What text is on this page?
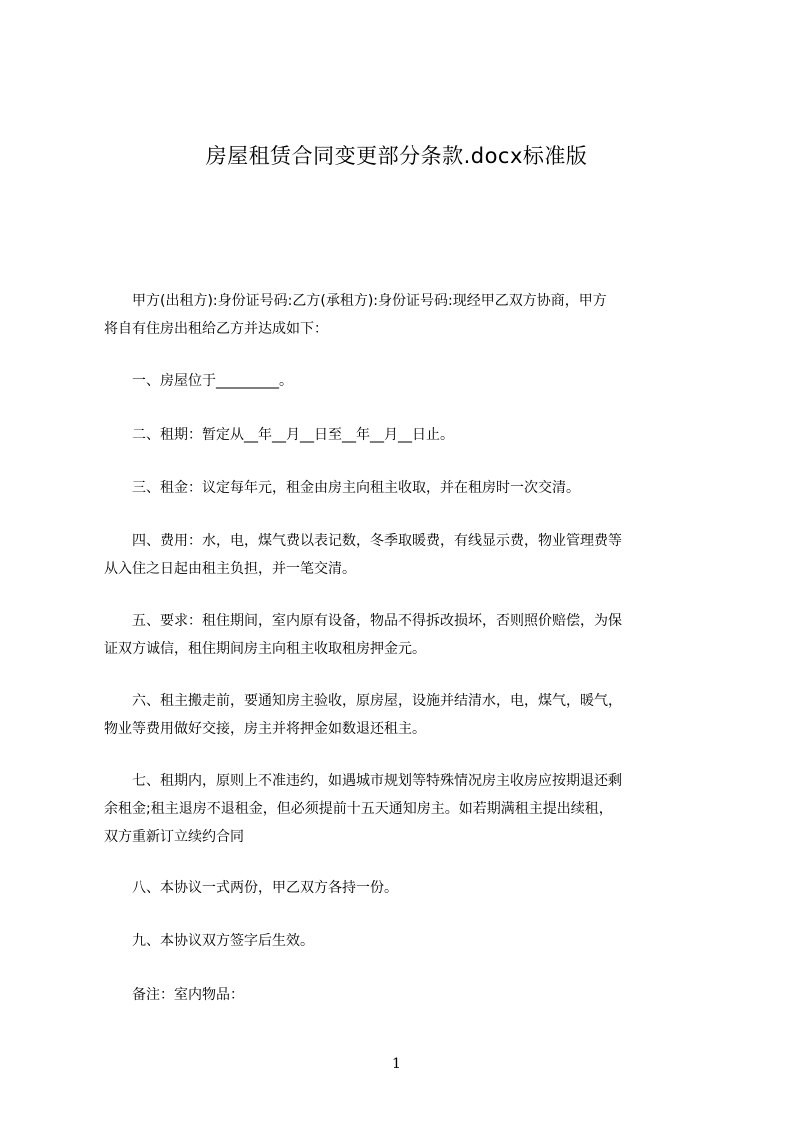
房屋租赁合同变更部分条款.docx标准版
　　甲方(出租方):身份证号码:乙方(承租方):身份证号码:现经甲乙双方协商，甲方
将自有住房出租给乙方并达成如下：
　　一、房屋位于_________。
　　二、租期：暂定从__年__月__日至__年__月__日止。
　　三、租金：议定每年元，租金由房主向租主收取，并在租房时一次交清。
　　四、费用：水，电，煤气费以表记数，冬季取暖费，有线显示费，物业管理费等
从入住之日起由租主负担，并一笔交清。
　　五、要求：租住期间，室内原有设备，物品不得拆改损坏，否则照价赔偿，为保
证双方诚信，租住期间房主向租主收取租房押金元。
　　六、租主搬走前，要通知房主验收，原房屋，设施并结清水，电，煤气，暖气，
物业等费用做好交接，房主并将押金如数退还租主。
　　七、租期内，原则上不准违约，如遇城市规划等特殊情况房主收房应按期退还剩
余租金;租主退房不退租金，但必须提前十五天通知房主。如若期满租主提出续租，
双方重新订立续约合同
　　八、本协议一式两份，甲乙双方各持一份。
　　九、本协议双方签字后生效。
　　备注：室内物品：
1
